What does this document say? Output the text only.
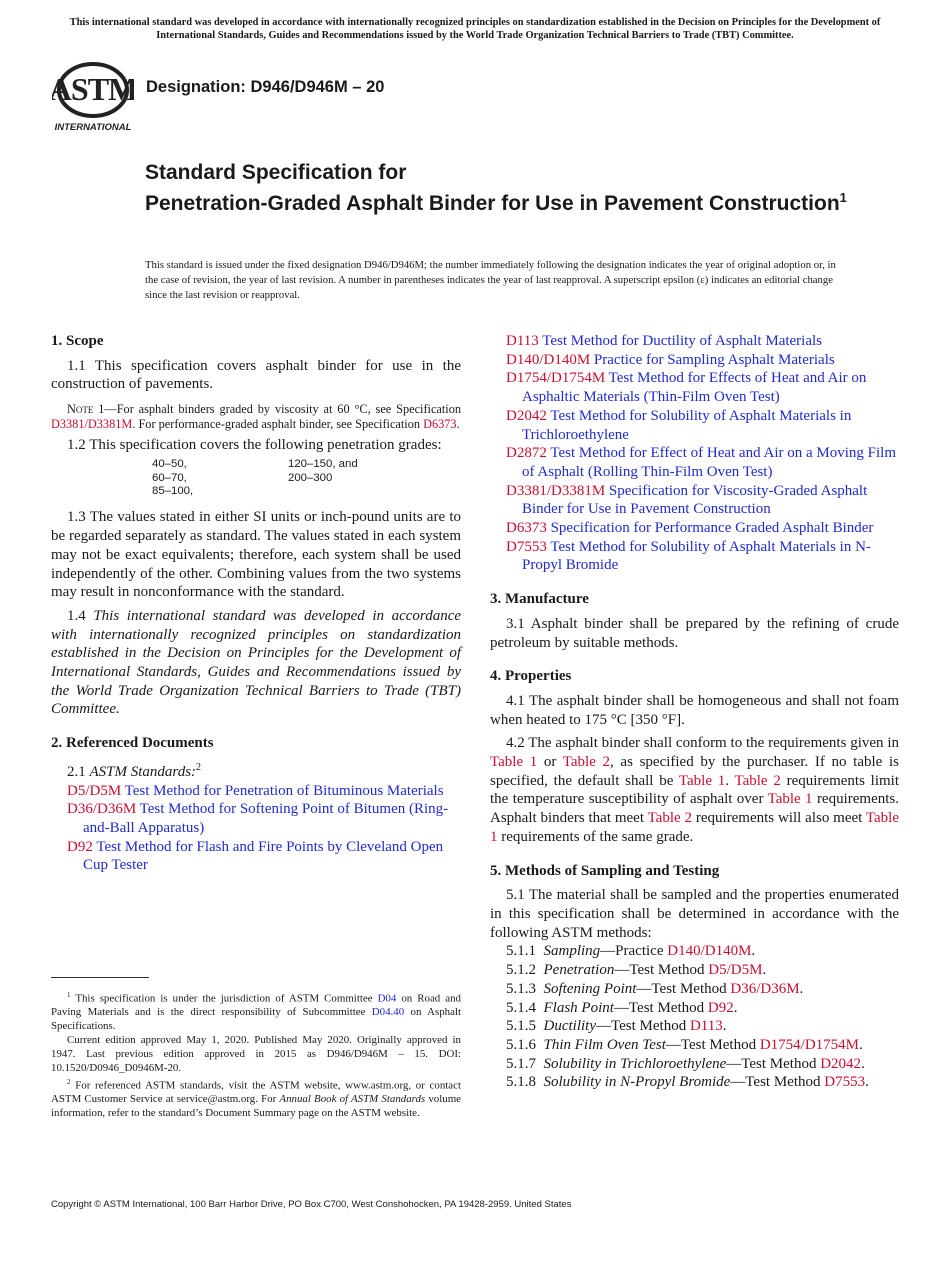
This international standard was developed in accordance with internationally recognized principles on standardization established in the Decision on Principles for the Development of International Standards, Guides and Recommendations issued by the World Trade Organization Technical Barriers to Trade (TBT) Committee.
ASTM
INTERNATIONAL
Designation: D946/D946M – 20
Standard Specification for
Penetration-Graded Asphalt Binder for Use in Pavement Construction$^1$
This standard is issued under the fixed designation D946/D946M; the number immediately following the designation indicates the year of original adoption or, in the case of revision, the year of last revision. A number in parentheses indicates the year of last reapproval. A superscript epsilon (ε) indicates an editorial change since the last revision or reapproval.
1. Scope

1.1 This specification covers asphalt binder for use in the construction of pavements.

Note 1—For asphalt binders graded by viscosity at 60 °C, see Specification D3381/D3381M. For performance-graded asphalt binder, see Specification D6373.

1.2 This specification covers the following penetration grades:

40–50,
60–70,
85–100,
120–150, and
200–300

1.3 The values stated in either SI units or inch-pound units are to be regarded separately as standard. The values stated in each system may not be exact equivalents; therefore, each system shall be used independently of the other. Combining values from the two systems may result in nonconformance with the standard.

1.4 This international standard was developed in accordance with internationally recognized principles on standardization established in the Decision on Principles for the Development of International Standards, Guides and Recommendations issued by the World Trade Organization Technical Barriers to Trade (TBT) Committee.

2. Referenced Documents

2.1 ASTM Standards:$^2$

D5/D5M Test Method for Penetration of Bituminous Materials

D36/D36M Test Method for Softening Point of Bitumen (Ring-and-Ball Apparatus)

D92 Test Method for Flash and Fire Points by Cleveland Open Cup Tester

$^1$ This specification is under the jurisdiction of ASTM Committee D04 on Road and Paving Materials and is the direct responsibility of Subcommittee D04.40 on Asphalt Specifications.

Current edition approved May 1, 2020. Published May 2020. Originally approved in 1947. Last previous edition approved in 2015 as D946/D946M – 15. DOI: 10.1520/D0946_D0946M-20.

$^2$ For referenced ASTM standards, visit the ASTM website, www.astm.org, or contact ASTM Customer Service at service@astm.org. For Annual Book of ASTM Standards volume information, refer to the standard’s Document Summary page on the ASTM website.

D113 Test Method for Ductility of Asphalt Materials

D140/D140M Practice for Sampling Asphalt Materials

D1754/D1754M Test Method for Effects of Heat and Air on Asphaltic Materials (Thin-Film Oven Test)

D2042 Test Method for Solubility of Asphalt Materials in Trichloroethylene

D2872 Test Method for Effect of Heat and Air on a Moving Film of Asphalt (Rolling Thin-Film Oven Test)

D3381/D3381M Specification for Viscosity-Graded Asphalt Binder for Use in Pavement Construction

D6373 Specification for Performance Graded Asphalt Binder

D7553 Test Method for Solubility of Asphalt Materials in N-Propyl Bromide

3. Manufacture

3.1 Asphalt binder shall be prepared by the refining of crude petroleum by suitable methods.

4. Properties

4.1 The asphalt binder shall be homogeneous and shall not foam when heated to 175 °C [350 °F].

4.2 The asphalt binder shall conform to the requirements given in Table 1 or Table 2, as specified by the purchaser. If no table is specified, the default shall be Table 1. Table 2 requirements limit the temperature susceptibility of asphalt over Table 1 requirements. Asphalt binders that meet Table 2 requirements will also meet Table 1 requirements of the same grade.

5. Methods of Sampling and Testing

5.1 The material shall be sampled and the properties enumerated in this specification shall be determined in accordance with the following ASTM methods:

5.1.1 Sampling—Practice D140/D140M.

5.1.2 Penetration—Test Method D5/D5M.

5.1.3 Softening Point—Test Method D36/D36M.

5.1.4 Flash Point—Test Method D92.

5.1.5 Ductility—Test Method D113.

5.1.6 Thin Film Oven Test—Test Method D1754/D1754M.

5.1.7 Solubility in Trichloroethylene—Test Method D2042.

5.1.8 Solubility in N-Propyl Bromide—Test Method D7553.

Copyright © ASTM International, 100 Barr Harbor Drive, PO Box C700, West Conshohocken, PA 19428-2959. United States
